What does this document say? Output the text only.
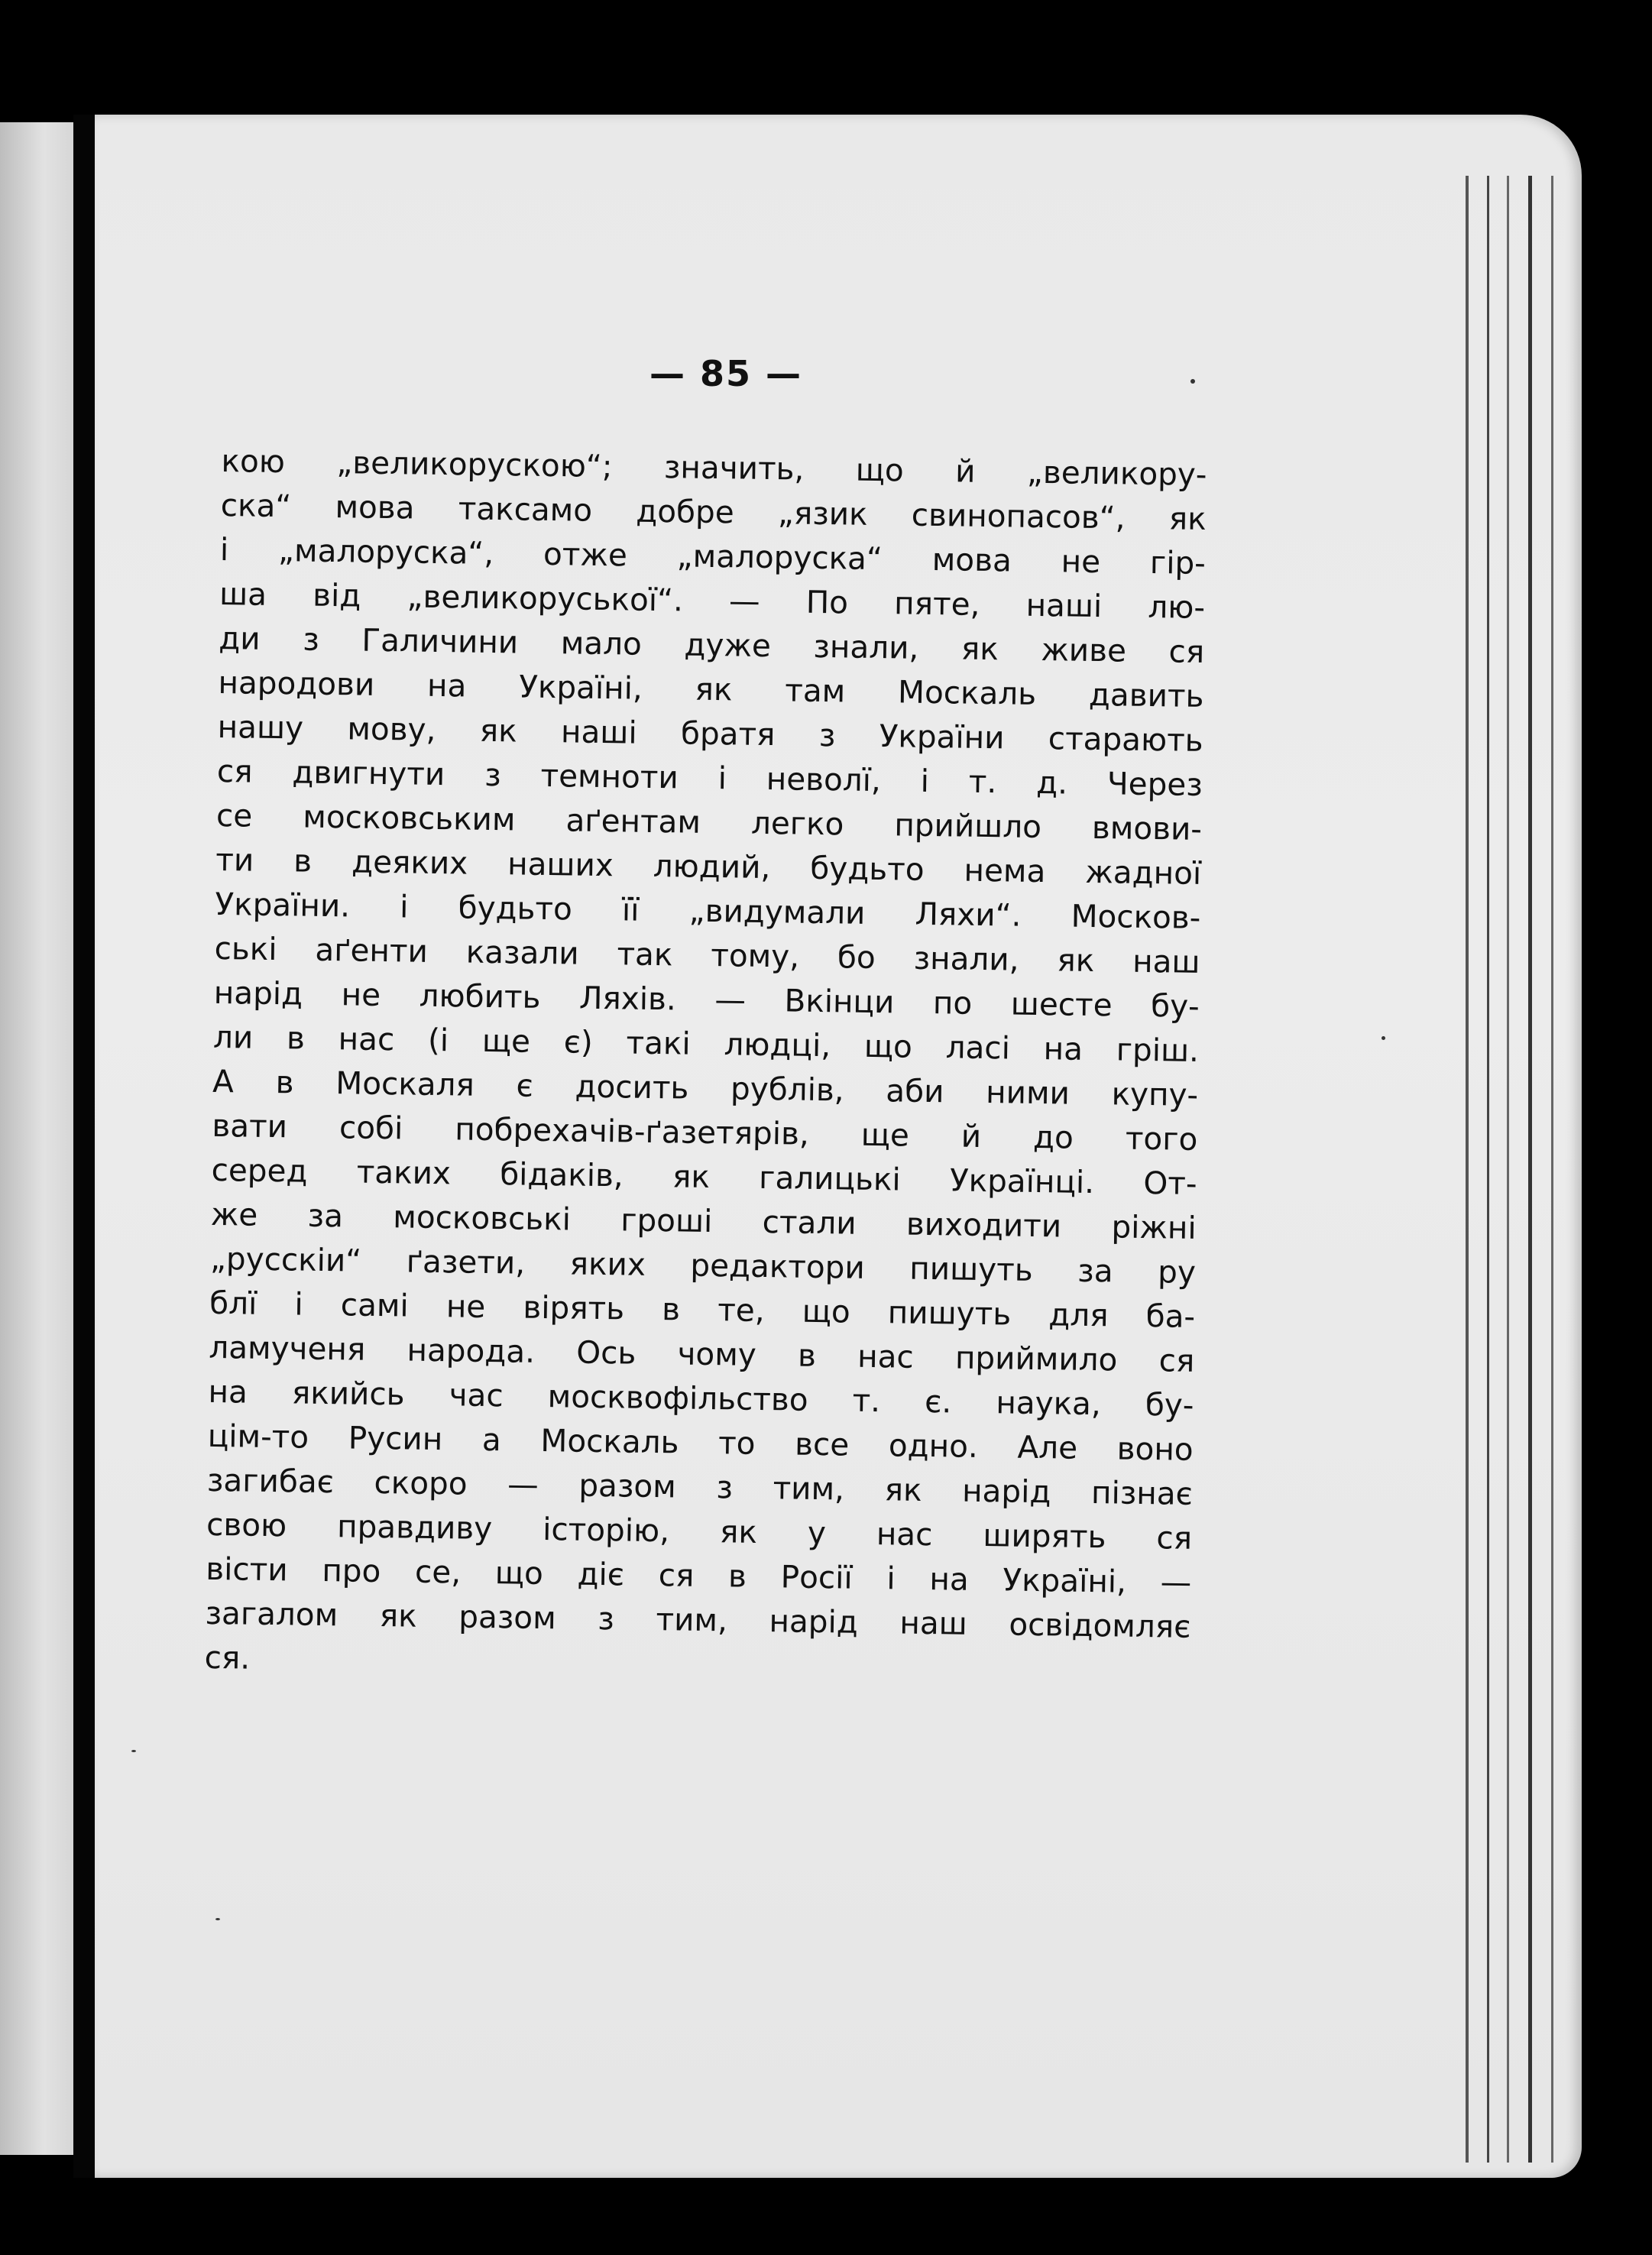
— 85 —
кою „великорускою“; значить, що й „великору-
ска“ мова таксамо добре „язик свинопасов“, як
і „малоруска“, отже „малоруска“ мова не гір-
ша від „великоруської“. — По пяте, наші лю-
ди з Галичини мало дуже знали, як живе ся
народови на Україні, як там Москаль давить
нашу мову, як наші братя з України старають
ся двигнути з темноти і неволї, і т. д. Через
се московським аґентам легко прийшло вмови-
ти в деяких наших людий, будьто нема жадної
України. і будьто її „видумали Ляхи“. Москов-
ські аґенти казали так тому, бо знали, як наш
нарід не любить Ляхів. — Вкінци по шесте бу-
ли в нас (і ще є) такі людці, що ласі на гріш.
А в Москаля є досить рублів, аби ними купу-
вати собі побрехачів-ґазетярів, ще й до того
серед таких бідаків, як галицькі Українці. От-
же за московські гроші стали виходити ріжні
„русскіи“ ґазети, яких редактори пишуть за ру
блї і самі не вірять в те, що пишуть для ба-
ламученя народа. Ось чому в нас приймило ся
на якийсь час москвофільство т. є. наука, бу-
цім-то Русин а Москаль то все одно. Але воно
загибає скоро — разом з тим, як нарід пізнає
свою правдиву історію, як у нас ширять ся
вісти про се, що діє ся в Росії і на Україні, —
загалом як разом з тим, нарід наш освідомляє
ся.
